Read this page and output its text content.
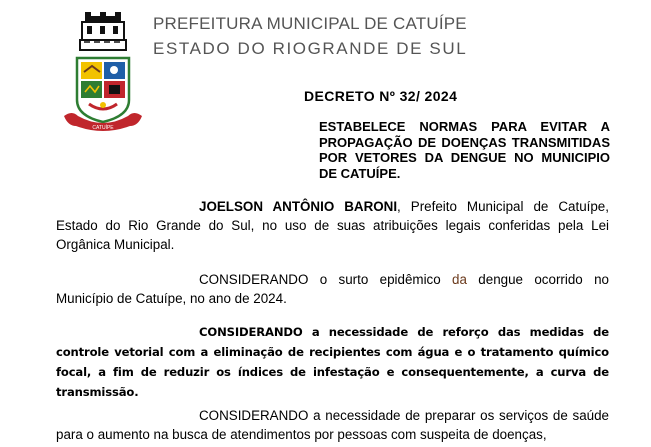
CATUÍPE
PREFEITURA MUNICIPAL DE CATUÍPE
ESTADO DO RIOGRANDE DE SUL
DECRETO Nº 32/ 2024
ESTABELECE NORMAS PARA EVITAR A PROPAGAÇÃO DE DOENÇAS TRANSMITIDAS POR VETORES DA DENGUE NO MUNICIPIO DE CATUÍPE.
JOELSON ANTÔNIO BARONI, Prefeito Municipal de Catuípe, Estado do Rio Grande do Sul, no uso de suas atribuições legais conferidas pela Lei Orgânica Municipal.
CONSIDERANDO o surto epidêmico da dengue ocorrido no Município de Catuípe, no ano de 2024.
CONSIDERANDO a necessidade de reforço das medidas de controle vetorial com a eliminação de recipientes com água e o tratamento químico focal, a fim de reduzir os índices de infestação e consequentemente, a curva de transmissão.
CONSIDERANDO a necessidade de preparar os serviços de saúde para o aumento na busca de atendimentos por pessoas com suspeita de doenças,
